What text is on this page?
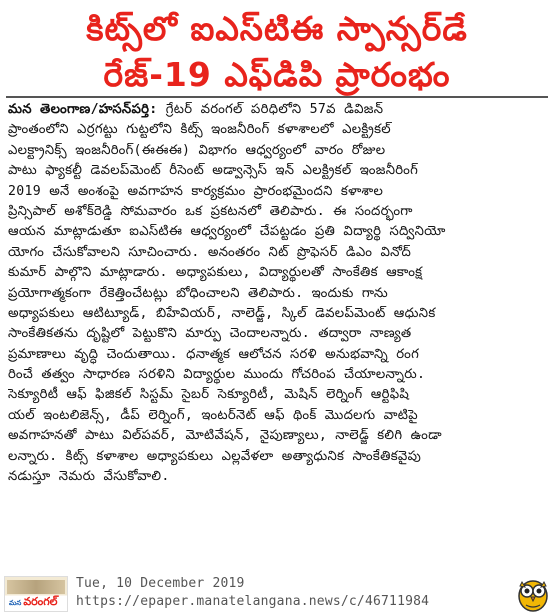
కిట్స్‌లో ఐఎస్‌టిఈ స్పాన్సర్‌డే
రేజ్-19 ఎఫ్‌డిపి ప్రారంభం
మన తెలంగాణ/హసన్‌పర్తి: గ్రేటర్ వరంగల్ పరిధిలోని 57వ డివిజన్
ప్రాంతంలోని ఎర్రగట్టు గుట్టలోని కిట్స్ ఇంజనీరింగ్ కళాశాలలో ఎలక్ట్రికల్
ఎలక్ట్రానిక్స్ ఇంజనీరింగ్(ఈఈఈ) విభాగం ఆధ్వర్యంలో వారం రోజుల
పాటు ఫ్యాకల్టీ డెవలప్‌మెంట్ రీసెంట్ అడ్వాన్సెస్ ఇన్ ఎలక్ట్రికల్ ఇంజనీరింగ్
2019 అనే అంశంపై అవగాహన కార్యక్రమం ప్రారంభమైందని కళాశాల
ప్రిన్సిపాల్ అశోక్‌రెడ్డి సోమవారం ఒక ప్రకటనలో తెలిపారు. ఈ సందర్భంగా
ఆయన మాట్లాడుతూ ఐఎస్‌టిఈ ఆధ్వర్యంలో చేపట్టడం ప్రతి విద్యార్థి సద్వినియో
యోగం చేసుకోవాలని సూచించారు. అనంతరం నిట్ ప్రొఫెసర్ డిఎం వినోద్
కుమార్ పాల్గొని మాట్లాడారు. అధ్యాపకులు, విద్యార్థులతో సాంకేతిక ఆకాంక్ష
ప్రయోగాత్మకంగా రేకెత్తించేటట్లు బోధించాలని తెలిపారు. ఇందుకు గాను
అధ్యాపకులు ఆటిట్యూడ్, బిహేవియర్, నాలెడ్జ్, స్కిల్ డెవలప్‌మెంట్ ఆధునిక
సాంకేతికతను దృష్టిలో పెట్టుకొని మార్పు చెందాలన్నారు. తద్వారా నాణ్యత
ప్రమాణాలు వృద్ధి చెందుతాయి. ధనాత్మక ఆలోచన సరళి అనుభవాన్ని రంగ
రించే తత్వం సాధారణ సరళిని విద్యార్థుల ముందు గోచరింప చేయాలన్నారు.
సెక్యూరిటీ ఆఫ్ ఫిజికల్ సిస్టమ్ సైబర్ సెక్యూరిటీ, మెషిన్ లెర్నింగ్ ఆర్టిఫిషి
యల్ ఇంటలిజెన్స్, డీప్ లెర్నింగ్, ఇంటర్‌నెట్ ఆఫ్ థింక్ మొదలగు వాటిపై
అవగాహనతో పాటు విల్‌పవర్, మోటివేషన్, నైపుణ్యాలు, నాలెడ్జ్ కలిగి ఉండా
లన్నారు. కిట్స్ కళాశాల అధ్యాపకులు ఎల్లవేళలా అత్యాధునిక సాంకేతికవైపు
నడుస్తూ నెమరు వేసుకోవాలి.
మన వరంగల్
Tue, 10 December 2019
https://epaper.manatelangana.news/c/46711984
